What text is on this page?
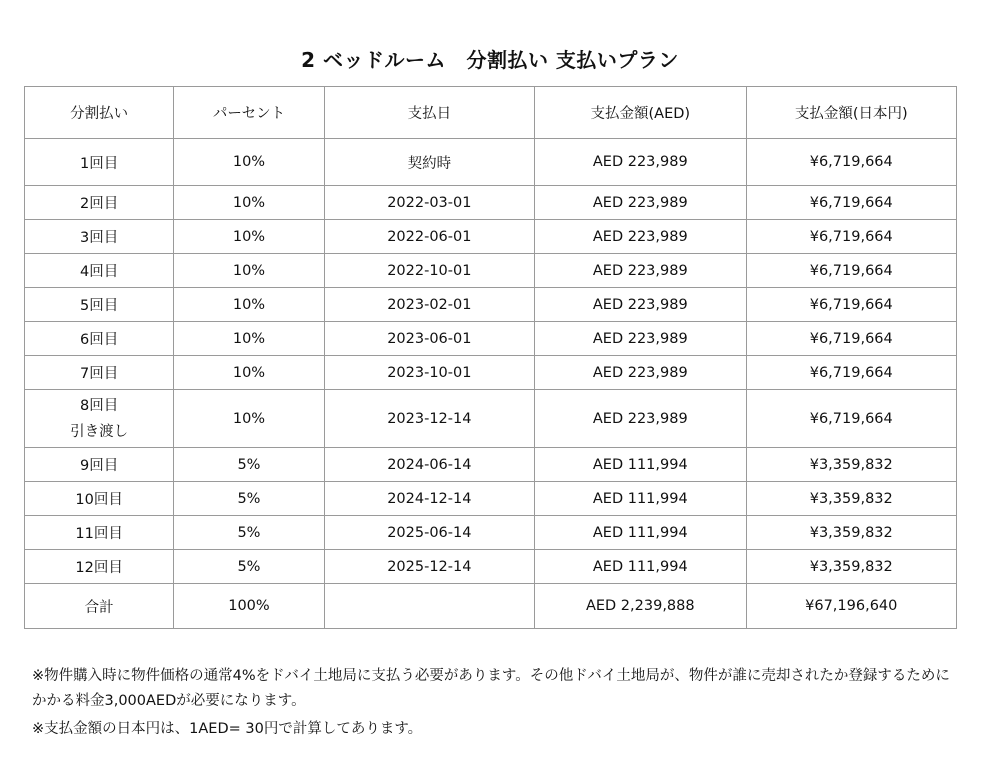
2 ベッドルーム　分割払い 支払いプラン
分割払い	パーセント	支払日	支払金額(AED)	支払金額(日本円)
1回目	10%	契約時	AED 223,989	¥6,719,664
2回目	10%	2022-03-01	AED 223,989	¥6,719,664
3回目	10%	2022-06-01	AED 223,989	¥6,719,664
4回目	10%	2022-10-01	AED 223,989	¥6,719,664
5回目	10%	2023-02-01	AED 223,989	¥6,719,664
6回目	10%	2023-06-01	AED 223,989	¥6,719,664
7回目	10%	2023-10-01	AED 223,989	¥6,719,664

8回目
引き渡し	10%	2023-12-14	AED 223,989	¥6,719,664
9回目	5%	2024-06-14	AED 111,994	¥3,359,832
10回目	5%	2024-12-14	AED 111,994	¥3,359,832
11回目	5%	2025-06-14	AED 111,994	¥3,359,832
12回目	5%	2025-12-14	AED 111,994	¥3,359,832
合計	100%		AED 2,239,888	¥67,196,640

※物件購入時に物件価格の通常4%をドバイ土地局に支払う必要があります。その他ドバイ土地局が、物件が誰に売却されたか登録するためにかかる料金3,000AEDが必要になります。

※支払金額の日本円は、1AED= 30円で計算してあります。
